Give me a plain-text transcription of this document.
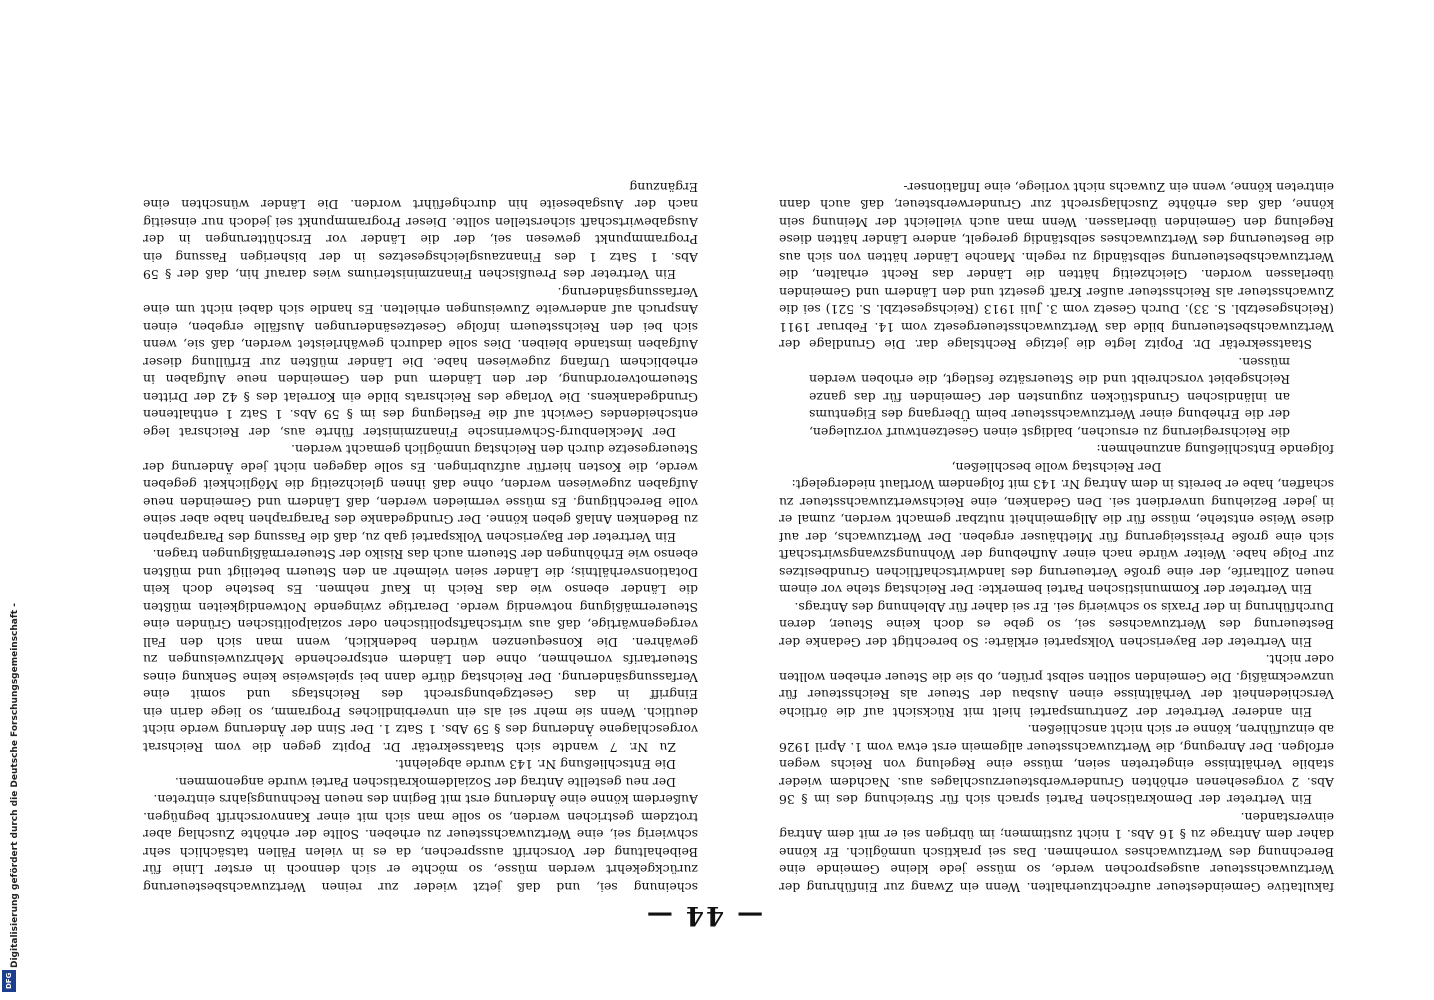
— 44 —

fakultative Gemeindesteuer aufrechtzuerhalten. Wenn ein Zwang zur Einführung der Wertzuwachssteuer ausgesprochen werde, so müsse jede kleine Gemeinde eine Berechnung des Wertzuwachses vornehmen. Das sei praktisch unmöglich. Er könne daher dem Antrage zu § 16 Abs. 1 nicht zustimmen; im übrigen sei er mit dem Antrag einverstanden.

Ein Vertreter der Demokratischen Partei sprach sich für Streichung des im § 36 Abs. 2 vorgesehenen erhöhten Grunderwerbsteuerzuschlages aus. Nachdem wieder stabile Verhältnisse eingetreten seien, müsse eine Regelung von Reichs wegen erfolgen. Der Anregung, die Wertzuwachssteuer allgemein erst etwa vom 1. April 1926 ab einzuführen, könne er sich nicht anschließen.

Ein anderer Vertreter der Zentrumspartei hielt mit Rücksicht auf die örtliche Verschiedenheit der Verhältnisse einen Ausbau der Steuer als Reichssteuer für unzweckmäßig. Die Gemeinden sollten selbst prüfen, ob sie die Steuer erheben wollten oder nicht.

Ein Vertreter der Bayerischen Volkspartei erklärte: So berechtigt der Gedanke der Besteuerung des Wertzuwachses sei, so gebe es doch keine Steuer, deren Durchführung in der Praxis so schwierig sei. Er sei daher für Ablehnung des Antrags.

Ein Vertreter der Kommunistischen Partei bemerkte: Der Reichstag stehe vor einem neuen Zolltarife, der eine große Verteuerung des landwirtschaftlichen Grundbesitzes zur Folge habe. Weiter würde nach einer Aufhebung der Wohnungszwangswirtschaft sich eine große Preissteigerung für Miethäuser ergeben. Der Wertzuwachs, der auf diese Weise entstehe, müsse für die Allgemeinheit nutzbar gemacht werden, zumal er in jeder Beziehung unverdient sei. Den Gedanken, eine Reichswertzuwachssteuer zu schaffen, habe er bereits in dem Antrag Nr. 143 mit folgendem Wortlaut niedergelegt:

Der Reichstag wolle beschließen,

folgende Entschließung anzunehmen:

die Reichsregierung zu ersuchen, baldigst einen Gesetzentwurf vorzulegen, der die Erhebung einer Wertzuwachssteuer beim Übergang des Eigentums an inländischen Grundstücken zugunsten der Gemeinden für das ganze Reichsgebiet vorschreibt und die Steuersätze festlegt, die erhoben werden müssen.

Staatssekretär Dr. Popitz legte die jetzige Rechtslage dar. Die Grundlage der Wertzuwachsbesteuerung bilde das Wertzuwachssteuergesetz vom 14. Februar 1911 (Reichsgesetzbl. S. 33). Durch Gesetz vom 3. Juli 1913 (Reichsgesetzbl. S. 521) sei die Zuwachssteuer als Reichssteuer außer Kraft gesetzt und den Ländern und Gemeinden überlassen worden. Gleichzeitig hätten die Länder das Recht erhalten, die Wertzuwachsbesteuerung selbständig zu regeln. Manche Länder hätten von sich aus die Besteuerung des Wertzuwachses selbständig geregelt, andere Länder hätten diese Regelung den Gemeinden überlassen. Wenn man auch vielleicht der Meinung sein könne, daß das erhöhte Zuschlagsrecht zur Grunderwerbsteuer, daß auch dann eintreten könne, wenn ein Zuwachs nicht vorliege, eine Inflationser-

scheinung sei, und daß jetzt wieder zur reinen Wertzuwachsbesteuerung zurückgekehrt werden müsse, so möchte er sich dennoch in erster Linie für Beibehaltung der Vorschrift aussprechen, da es in vielen Fällen tatsächlich sehr schwierig sei, eine Wertzuwachssteuer zu erheben. Sollte der erhöhte Zuschlag aber trotzdem gestrichen werden, so solle man sich mit einer Kannvorschrift begnügen. Außerdem könne eine Änderung erst mit Beginn des neuen Rechnungsjahrs eintreten.

Der neu gestellte Antrag der Sozialdemokratischen Partei wurde angenommen.

Die Entschließung Nr. 143 wurde abgelehnt.

Zu Nr. 7 wandte sich Staatssekretär Dr. Popitz gegen die vom Reichsrat vorgeschlagene Änderung des § 59 Abs. 1 Satz 1. Der Sinn der Änderung werde nicht deutlich. Wenn sie mehr sei als ein unverbindliches Programm, so liege darin ein Eingriff in das Gesetzgebungsrecht des Reichstags und somit eine Verfassungsänderung. Der Reichstag dürfe dann bei spielsweise keine Senkung eines Steuertarifs vornehmen, ohne den Ländern entsprechende Mehrzuweisungen zu gewähren. Die Konsequenzen würden bedenklich, wenn man sich den Fall vergegenwärtige, daß aus wirtschaftspolitischen oder sozialpolitischen Gründen eine Steuerermäßigung notwendig werde. Derartige zwingende Notwendigkeiten müßten die Länder ebenso wie das Reich in Kauf nehmen. Es bestehe doch kein Dotationsverhältnis; die Länder seien vielmehr an den Steuern beteiligt und müßten ebenso wie Erhöhungen der Steuern auch das Risiko der Steuerermäßigungen tragen.

Ein Vertreter der Bayerischen Volkspartei gab zu, daß die Fassung des Paragraphen zu Bedenken Anlaß geben könne. Der Grundgedanke des Paragraphen habe aber seine volle Berechtigung. Es müsse vermieden werden, daß Ländern und Gemeinden neue Aufgaben zugewiesen werden, ohne daß ihnen gleichzeitig die Möglichkeit gegeben werde, die Kosten hierfür aufzubringen. Es solle dagegen nicht jede Änderung der Steuergesetze durch den Reichstag unmöglich gemacht werden.

Der Mecklenburg-Schwerinsche Finanzminister führte aus, der Reichsrat lege entscheidendes Gewicht auf die Festlegung des im § 59 Abs. 1 Satz 1 enthaltenen Grundgedankens. Die Vorlage des Reichsrats bilde ein Korrelat des § 42 der Dritten Steuernotverordnung, der den Ländern und den Gemeinden neue Aufgaben in erheblichem Umfang zugewiesen habe. Die Länder müßten zur Erfüllung dieser Aufgaben imstande bleiben. Dies solle dadurch gewährleistet werden, daß sie, wenn sich bei den Reichssteuern infolge Gesetzesänderungen Ausfälle ergeben, einen Anspruch auf anderweite Zuweisungen erhielten. Es handle sich dabei nicht um eine Verfassungsänderung.

Ein Vertreter des Preußischen Finanzministeriums wies darauf hin, daß der § 59 Abs. 1 Satz 1 des Finanzausgleichsgesetzes in der bisherigen Fassung ein Programmpunkt gewesen sei, der die Länder vor Erschütterungen in der Ausgabewirtschaft sicherstellen sollte. Dieser Programmpunkt sei jedoch nur einseitig nach der Ausgabeseite hin durchgeführt worden. Die Länder wünschten eine Ergänzung

Digitalisierung gefördert durch die Deutsche Forschungsgemeinschaft -
DFG
